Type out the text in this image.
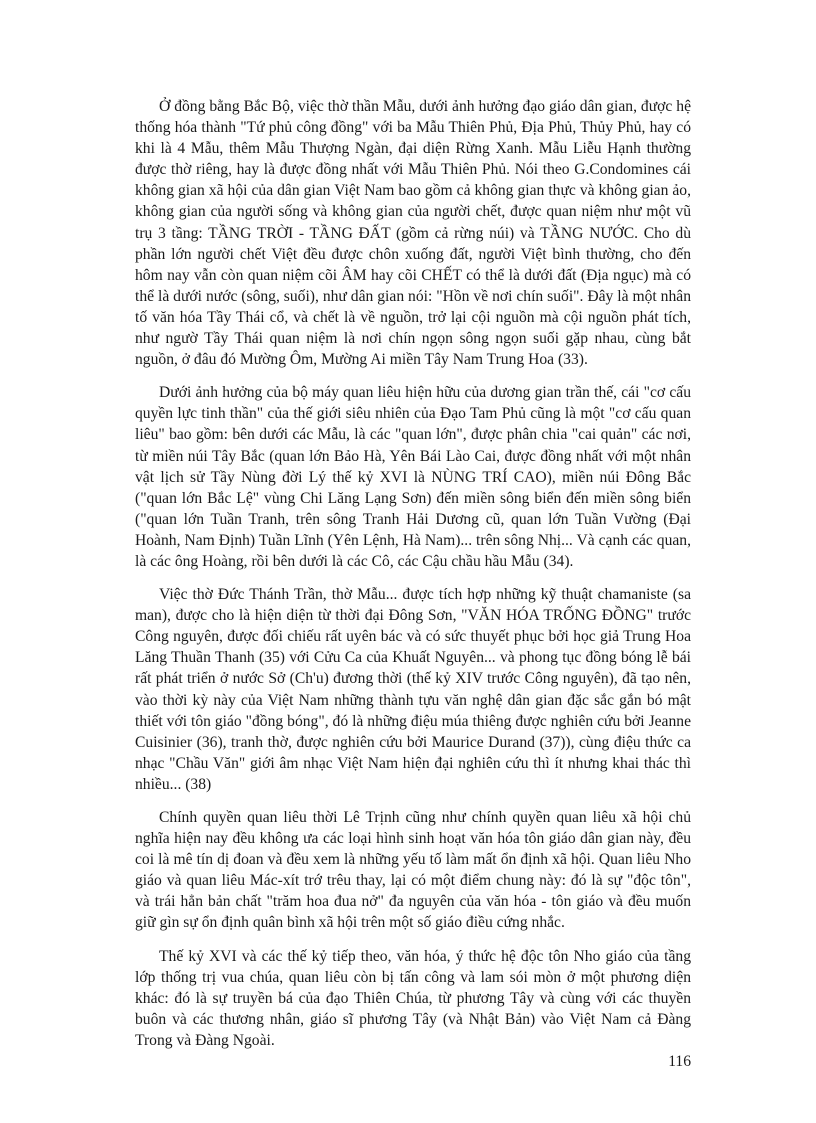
Ở đồng bằng Bắc Bộ, việc thờ thần Mẫu, dưới ảnh hưởng đạo giáo dân gian, được hệ thống hóa thành "Tứ phủ công đồng" với ba Mẫu Thiên Phủ, Địa Phủ, Thủy Phủ, hay có khi là 4 Mẫu, thêm Mẫu Thượng Ngàn, đại diện Rừng Xanh. Mẫu Liễu Hạnh thường được thờ riêng, hay là được đồng nhất với Mẫu Thiên Phủ. Nói theo G.Condomines cái không gian xã hội của dân gian Việt Nam bao gồm cả không gian thực và không gian ảo, không gian của người sống và không gian của người chết, được quan niệm như một vũ trụ 3 tầng: TẦNG TRỜI - TẦNG ĐẤT (gồm cả rừng núi) và TẦNG NƯỚC. Cho dù phần lớn người chết Việt đều được chôn xuống đất, người Việt bình thường, cho đến hôm nay vẫn còn quan niệm cõi ÂM hay cõi CHẾT có thể là dưới đất (Địa ngục) mà có thể là dưới nước (sông, suối), như dân gian nói: "Hồn về nơi chín suối". Đây là một nhân tố văn hóa Tầy Thái cổ, và chết là về nguồn, trở lại cội nguồn mà cội nguồn phát tích, như ngườ Tầy Thái quan niệm là nơi chín ngọn sông ngọn suối gặp nhau, cùng bắt nguồn, ở đâu đó Mường Ôm, Mường Ai miền Tây Nam Trung Hoa (33).

Dưới ảnh hưởng của bộ máy quan liêu hiện hữu của dương gian trần thế, cái "cơ cấu quyền lực tinh thần" của thế giới siêu nhiên của Đạo Tam Phủ cũng là một "cơ cấu quan liêu" bao gồm: bên dưới các Mẫu, là các "quan lớn", được phân chia "cai quản" các nơi, từ miền núi Tây Bắc (quan lớn Bảo Hà, Yên Bái Lào Cai, được đồng nhất với một nhân vật lịch sử Tầy Nùng đời Lý thế kỷ XVI là NÙNG TRÍ CAO), miền núi Đông Bắc ("quan lớn Bắc Lệ" vùng Chi Lăng Lạng Sơn) đến miền sông biển đến miền sông biển ("quan lớn Tuần Tranh, trên sông Tranh Hải Dương cũ, quan lớn Tuần Vường (Đại Hoành, Nam Định) Tuần Lĩnh (Yên Lệnh, Hà Nam)... trên sông Nhị... Và cạnh các quan, là các ông Hoàng, rồi bên dưới là các Cô, các Cậu chầu hầu Mẫu (34).

Việc thờ Đức Thánh Trần, thờ Mẫu... được tích hợp những kỹ thuật chamaniste (sa man), được cho là hiện diện từ thời đại Đông Sơn, "VĂN HÓA TRỐNG ĐỒNG" trước Công nguyên, được đối chiếu rất uyên bác và có sức thuyết phục bởi học giả Trung Hoa Lăng Thuần Thanh (35) với Cửu Ca của Khuất Nguyên... và phong tục đồng bóng lễ bái rất phát triển ở nước Sở (Ch'u) đương thời (thế kỷ XIV trước Công nguyên), đã tạo nên, vào thời kỳ này của Việt Nam những thành tựu văn nghệ dân gian đặc sắc gắn bó mật thiết với tôn giáo "đồng bóng", đó là những điệu múa thiêng được nghiên cứu bởi Jeanne Cuisinier (36), tranh thờ, được nghiên cứu bởi Maurice Durand (37)), cùng điệu thức ca nhạc "Chầu Văn" giới âm nhạc Việt Nam hiện đại nghiên cứu thì ít nhưng khai thác thì nhiều... (38)

Chính quyền quan liêu thời Lê Trịnh cũng như chính quyền quan liêu xã hội chủ nghĩa hiện nay đều không ưa các loại hình sinh hoạt văn hóa tôn giáo dân gian này, đều coi là mê tín dị đoan và đều xem là những yếu tố làm mất ổn định xã hội. Quan liêu Nho giáo và quan liêu Mác-xít trớ trêu thay, lại có một điểm chung này: đó là sự "độc tôn", và trái hẳn bản chất "trăm hoa đua nở" đa nguyên của văn hóa - tôn giáo và đều muốn giữ gìn sự ổn định quân bình xã hội trên một số giáo điều cứng nhắc.

Thế kỷ XVI và các thế kỷ tiếp theo, văn hóa, ý thức hệ độc tôn Nho giáo của tầng lớp thống trị vua chúa, quan liêu còn bị tấn công và lam sói mòn ở một phương diện khác: đó là sự truyền bá của đạo Thiên Chúa, từ phương Tây và cùng với các thuyền buôn và các thương nhân, giáo sĩ phương Tây (và Nhật Bản) vào Việt Nam cả Đàng Trong và Đàng Ngoài.

116
